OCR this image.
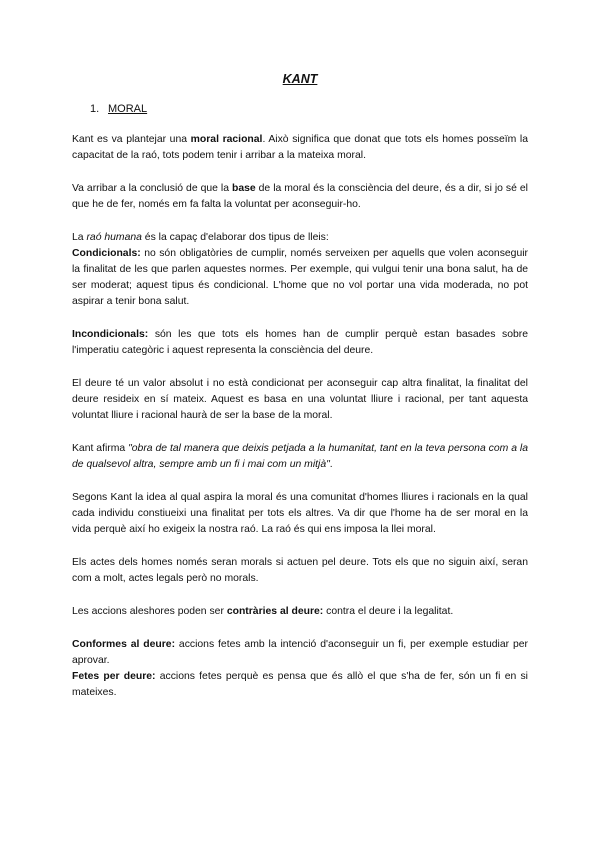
KANT
1. MORAL

Kant es va plantejar una moral racional. Això significa que donat que tots els homes posseïm la capacitat de la raó, tots podem tenir i arribar a la mateixa moral.

Va arribar a la conclusió de que la base de la moral és la consciència del deure, és a dir, si jo sé el que he de fer, només em fa falta la voluntat per aconseguir-ho.

La raó humana és la capaç d'elaborar dos tipus de lleis:

Condicionals: no són obligatòries de cumplir, només serveixen per aquells que volen aconseguir la finalitat de les que parlen aquestes normes. Per exemple, qui vulgui tenir una bona salut, ha de ser moderat; aquest tipus és condicional. L'home que no vol portar una vida moderada, no pot aspirar a tenir bona salut.

Incondicionals: són les que tots els homes han de cumplir perquè estan basades sobre l'imperatiu categòric i aquest representa la consciència del deure.

El deure té un valor absolut i no està condicionat per aconseguir cap altra finalitat, la finalitat del deure resideix en sí mateix. Aquest es basa en una voluntat lliure i racional, per tant aquesta voluntat lliure i racional haurà de ser la base de la moral.

Kant afirma "obra de tal manera que deixis petjada a la humanitat, tant en la teva persona com a la de qualsevol altra, sempre amb un fi i mai com un mitjà".

Segons Kant la idea al qual aspira la moral és una comunitat d'homes lliures i racionals en la qual cada individu constiueixi una finalitat per tots els altres. Va dir que l'home ha de ser moral en la vida perquè així ho exigeix la nostra raó. La raó és qui ens imposa la llei moral.

Els actes dels homes només seran morals si actuen pel deure. Tots els que no siguin així, seran com a molt, actes legals però no morals.

Les accions aleshores poden ser contràries al deure: contra el deure i la legalitat.

Conformes al deure: accions fetes amb la intenció d'aconseguir un fi, per exemple estudiar per aprovar.

Fetes per deure: accions fetes perquè es pensa que és allò el que s'ha de fer, són un fi en si mateixes.
